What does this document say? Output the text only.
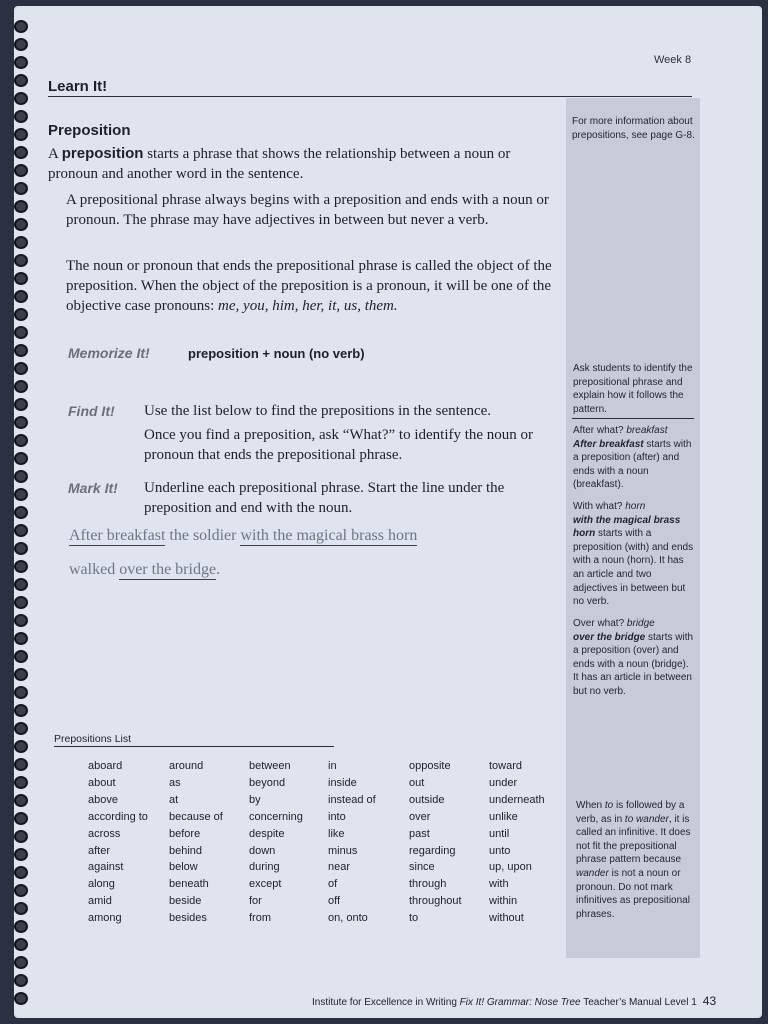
Week 8
Learn It!
Preposition
A preposition starts a phrase that shows the relationship between a noun or pronoun and another word in the sentence.
A prepositional phrase always begins with a preposition and ends with a noun or pronoun. The phrase may have adjectives in between but never a verb.
The noun or pronoun that ends the prepositional phrase is called the object of the preposition. When the object of the preposition is a pronoun, it will be one of the objective case pronouns: me, you, him, her, it, us, them.
Memorize It!	preposition + noun (no verb)
Find It! Use the list below to find the prepositions in the sentence.
Once you find a preposition, ask “What?” to identify the noun or pronoun that ends the prepositional phrase.
Mark It! Underline each prepositional phrase. Start the line under the preposition and end with the noun.
After breakfast the soldier with the magical brass horn
walked over the bridge.
For more information about prepositions, see page G-8.
Ask students to identify the prepositional phrase and explain how it follows the pattern.
After what? breakfast
After breakfast starts with a preposition (after) and ends with a noun (breakfast).
With what? horn
with the magical brass horn starts with a preposition (with) and ends with a noun (horn). It has an article and two adjectives in between but no verb.
Over what? bridge
over the bridge starts with a preposition (over) and ends with a noun (bridge). It has an article in between but no verb.
When to is followed by a verb, as in to wander, it is called an infinitive. It does not fit the prepositional phrase pattern because wander is not a noun or pronoun. Do not mark infinitives as prepositional phrases.
Prepositions List
aboard
about
above
according to
across
after
against
along
amid
among
around
as
at
because of
before
behind
below
beneath
beside
besides
between
beyond
by
concerning
despite
down
during
except
for
from
in
inside
instead of
into
like
minus
near
of
off
on, onto
opposite
out
outside
over
past
regarding
since
through
throughout
to
toward
under
underneath
unlike
until
unto
up, upon
with
within
without
Institute for Excellence in Writing Fix It! Grammar: Nose Tree Teacher’s Manual Level 1 43
